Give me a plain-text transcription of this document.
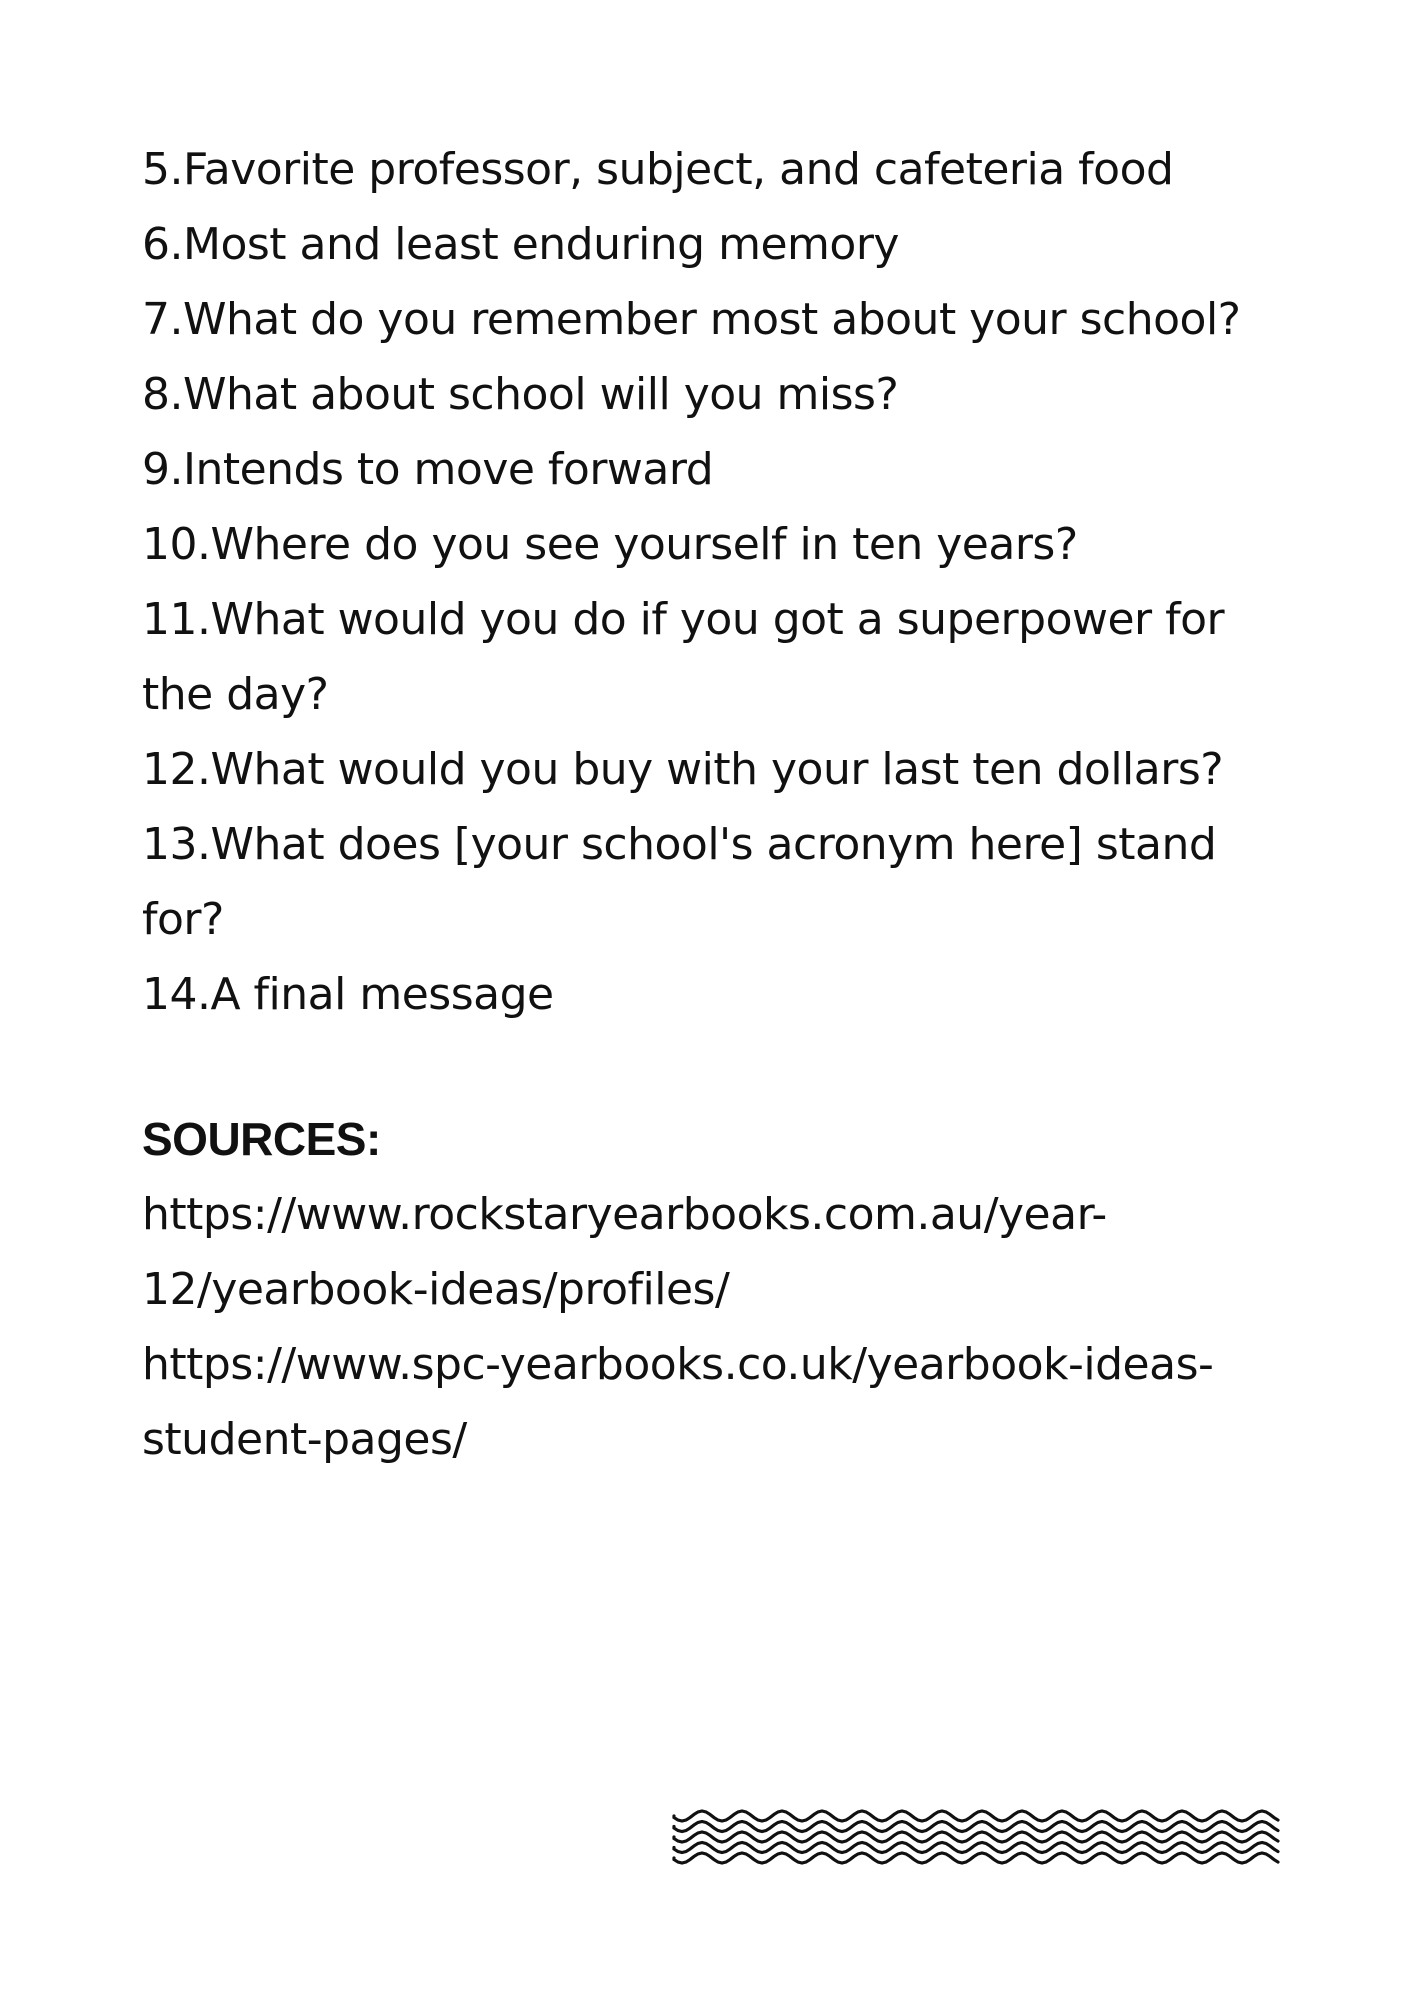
5.Favorite professor, subject, and cafeteria food
6.Most and least enduring memory
7.What do you remember most about your school?
8.What about school will you miss?
9.Intends to move forward
10.Where do you see yourself in ten years?
11.What would you do if you got a superpower for the day?
12.What would you buy with your last ten dollars?
13.What does [your school's acronym here] stand for?
14.A final message
SOURCES:
https://www.rockstaryearbooks.com.au/year-12/yearbook-ideas/profiles/
https://www.spc-yearbooks.co.uk/yearbook-ideas-student-pages/
